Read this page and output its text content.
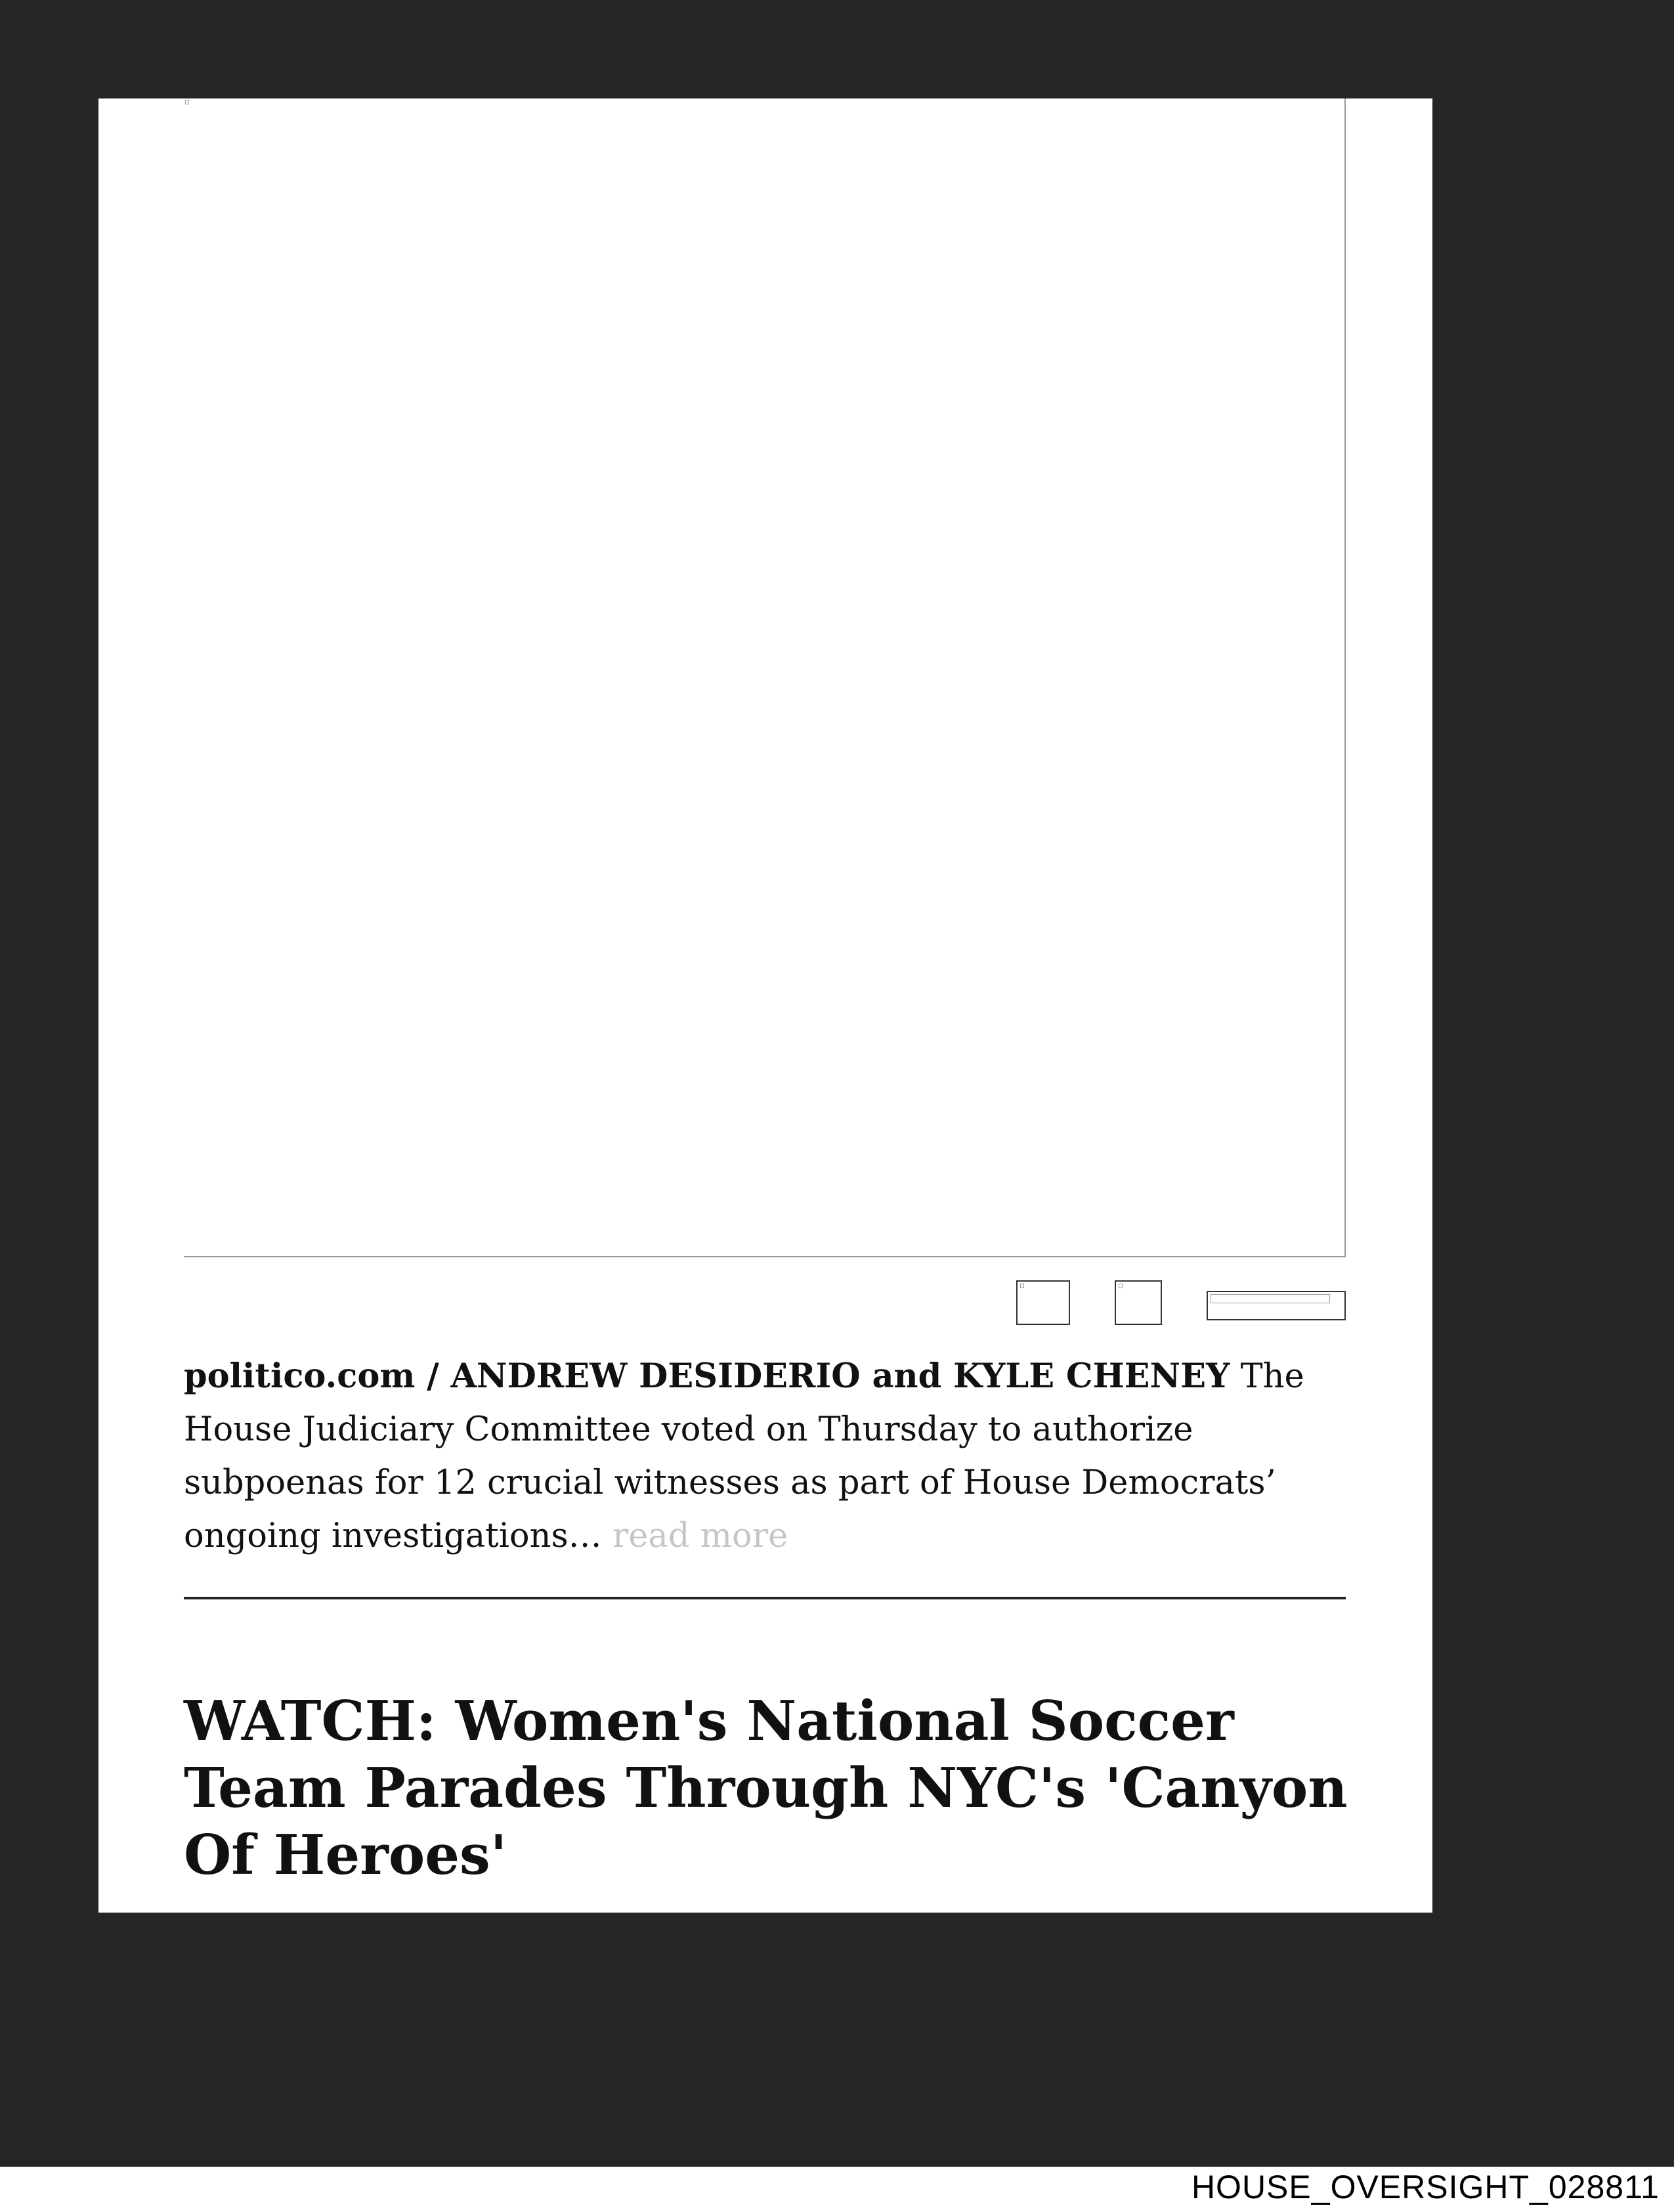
politico.com / ANDREW DESIDERIO and KYLE CHENEY The House Judiciary Committee voted on Thursday to authorize subpoenas for 12 crucial witnesses as part of House Democrats’ ongoing investigations… read more
WATCH: Women's National Soccer Team Parades Through NYC's 'Canyon Of Heroes'
HOUSE_OVERSIGHT_028811
